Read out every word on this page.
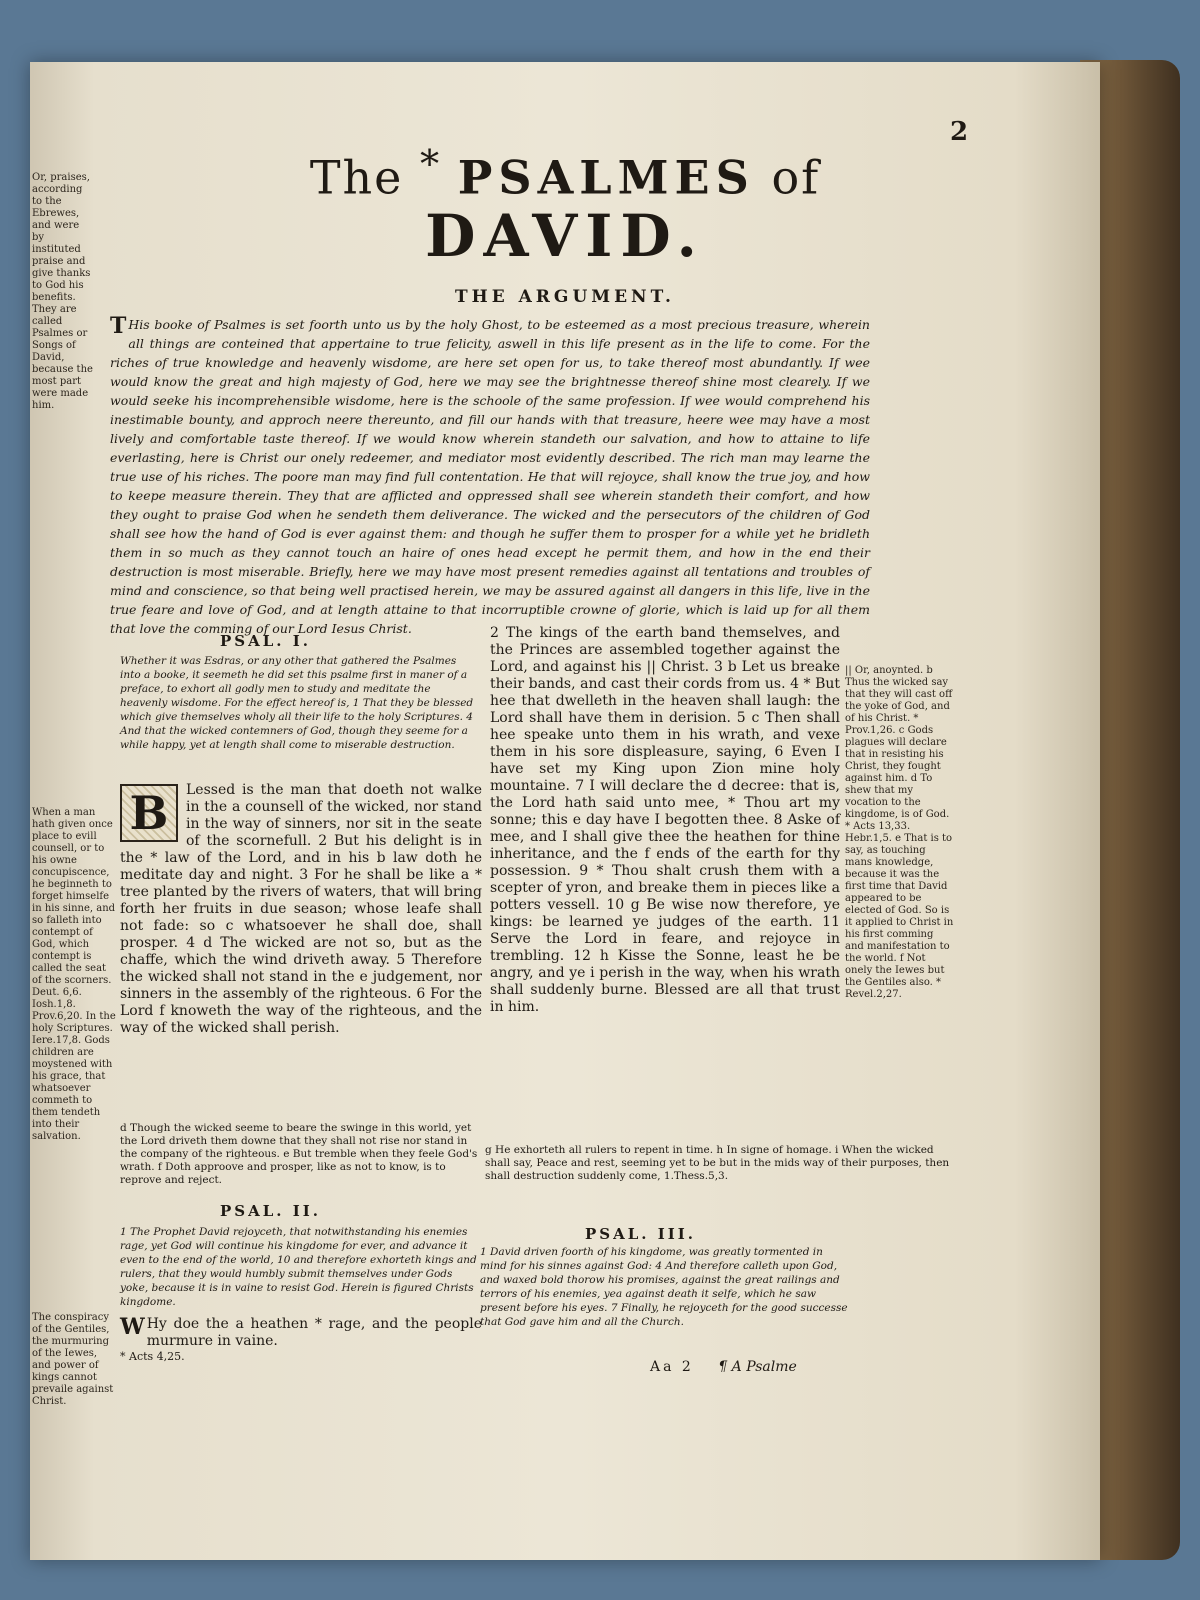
2
The * PSALMES of
DAVID.
THE ARGUMENT.
T His booke of Psalmes is set foorth unto us by the holy Ghost, to be esteemed as a most precious treasure, wherein all things are conteined that appertaine to true felicity, aswell in this life present as in the life to come. For the riches of true knowledge and heavenly wisdome, are here set open for us, to take thereof most abundantly. If wee would know the great and high majesty of God, here we may see the brightnesse thereof shine most clearely. If we would seeke his incomprehensible wisdome, here is the schoole of the same profession. If wee would comprehend his inestimable bounty, and approch neere thereunto, and fill our hands with that treasure, heere wee may have a most lively and comfortable taste thereof. If we would know wherein standeth our salvation, and how to attaine to life everlasting, here is Christ our onely redeemer, and mediator most evidently described. The rich man may learne the true use of his riches. The poore man may find full contentation. He that will rejoyce, shall know the true joy, and how to keepe measure therein. They that are afflicted and oppressed shall see wherein standeth their comfort, and how they ought to praise God when he sendeth them deliverance. The wicked and the persecutors of the children of God shall see how the hand of God is ever against them: and though he suffer them to prosper for a while yet he bridleth them in so much as they cannot touch an haire of ones head except he permit them, and how in the end their destruction is most miserable. Briefly, here we may have most present remedies against all tentations and troubles of mind and conscience, so that being well practised herein, we may be assured against all dangers in this life, live in the true feare and love of God, and at length attaine to that incorruptible crowne of glorie, which is laid up for all them that love the comming of our Lord Iesus Christ.
Or, praises, according to the Ebrewes, and were by instituted praise and give thanks to God his benefits. They are called Psalmes or Songs of David, because the most part were made him.
When a man hath given once place to evill counsell, or to his owne concupiscence, he beginneth to forget himselfe in his sinne, and so falleth into contempt of God, which contempt is called the seat of the scorners. Deut. 6,6. Iosh.1,8. Prov.6,20. In the holy Scriptures. Iere.17,8. Gods children are moystened with his grace, that whatsoever commeth to them tendeth into their salvation.
The conspiracy of the Gentiles, the murmuring of the Iewes, and power of kings cannot prevaile against Christ.
PSAL. I.
Whether it was Esdras, or any other that gathered the Psalmes into a booke, it seemeth he did set this psalme first in maner of a preface, to exhort all godly men to study and meditate the heavenly wisdome. For the effect hereof is, 1 That they be blessed which give themselves wholy all their life to the holy Scriptures. 4 And that the wicked contemners of God, though they seeme for a while happy, yet at length shall come to miserable destruction.
B	Lessed is the man that doeth not walke in the a counsell of the wicked, nor stand in the way of sinners, nor sit in the seate of the scornefull. 2 But his delight is in the * law of the Lord, and in his b law doth he meditate day and night. 3 For he shall be like a * tree planted by the rivers of waters, that will bring forth her fruits in due season; whose leafe shall not fade: so c whatsoever he shall doe, shall prosper. 4 d The wicked are not so, but as the chaffe, which the wind driveth away. 5 Therefore the wicked shall not stand in the e judgement, nor sinners in the assembly of the righteous. 6 For the Lord f knoweth the way of the righteous, and the way of the wicked shall perish.
d Though the wicked seeme to beare the swinge in this world, yet the Lord driveth them downe that they shall not rise nor stand in the company of the righteous. e But tremble when they feele God's wrath. f Doth approove and prosper, like as not to know, is to reprove and reject.
2 The kings of the earth band themselves, and the Princes are assembled together against the Lord, and against his || Christ. 3 b Let us breake their bands, and cast their cords from us. 4 * But hee that dwelleth in the heaven shall laugh: the Lord shall have them in derision. 5 c Then shall hee speake unto them in his wrath, and vexe them in his sore displeasure, saying, 6 Even I have set my King upon Zion mine holy mountaine. 7 I will declare the d decree: that is, the Lord hath said unto mee, * Thou art my sonne; this e day have I begotten thee. 8 Aske of mee, and I shall give thee the heathen for thine inheritance, and the f ends of the earth for thy possession. 9 * Thou shalt crush them with a scepter of yron, and breake them in pieces like a potters vessell. 10 g Be wise now therefore, ye kings: be learned ye judges of the earth. 11 Serve the Lord in feare, and rejoyce in trembling. 12 h Kisse the Sonne, least he be angry, and ye i perish in the way, when his wrath shall suddenly burne. Blessed are all that trust in him.
|| Or, anoynted. b Thus the wicked say that they will cast off the yoke of God, and of his Christ. * Prov.1,26. c Gods plagues will declare that in resisting his Christ, they fought against him. d To shew that my vocation to the kingdome, is of God. * Acts 13,33. Hebr.1,5. e That is to say, as touching mans knowledge, because it was the first time that David appeared to be elected of God. So is it applied to Christ in his first comming and manifestation to the world. f Not onely the Iewes but the Gentiles also. * Revel.2,27.
g He exhorteth all rulers to repent in time. h In signe of homage. i When the wicked shall say, Peace and rest, seeming yet to be but in the mids way of their purposes, then shall destruction suddenly come, 1.Thess.5,3.
PSAL. II.
1 The Prophet David rejoyceth, that notwithstanding his enemies rage, yet God will continue his kingdome for ever, and advance it even to the end of the world, 10 and therefore exhorteth kings and rulers, that they would humbly submit themselves under Gods yoke, because it is in vaine to resist God. Herein is figured Christs kingdome.
W Hy doe the a heathen * rage, and the people murmure in vaine.
* Acts 4,25.
PSAL. III.
1 David driven foorth of his kingdome, was greatly tormented in mind for his sinnes against God: 4 And therefore calleth upon God, and waxed bold thorow his promises, against the great railings and terrors of his enemies, yea against death it selfe, which he saw present before his eyes. 7 Finally, he rejoyceth for the good successe that God gave him and all the Church.
Aa 2 ¶ A Psalme
